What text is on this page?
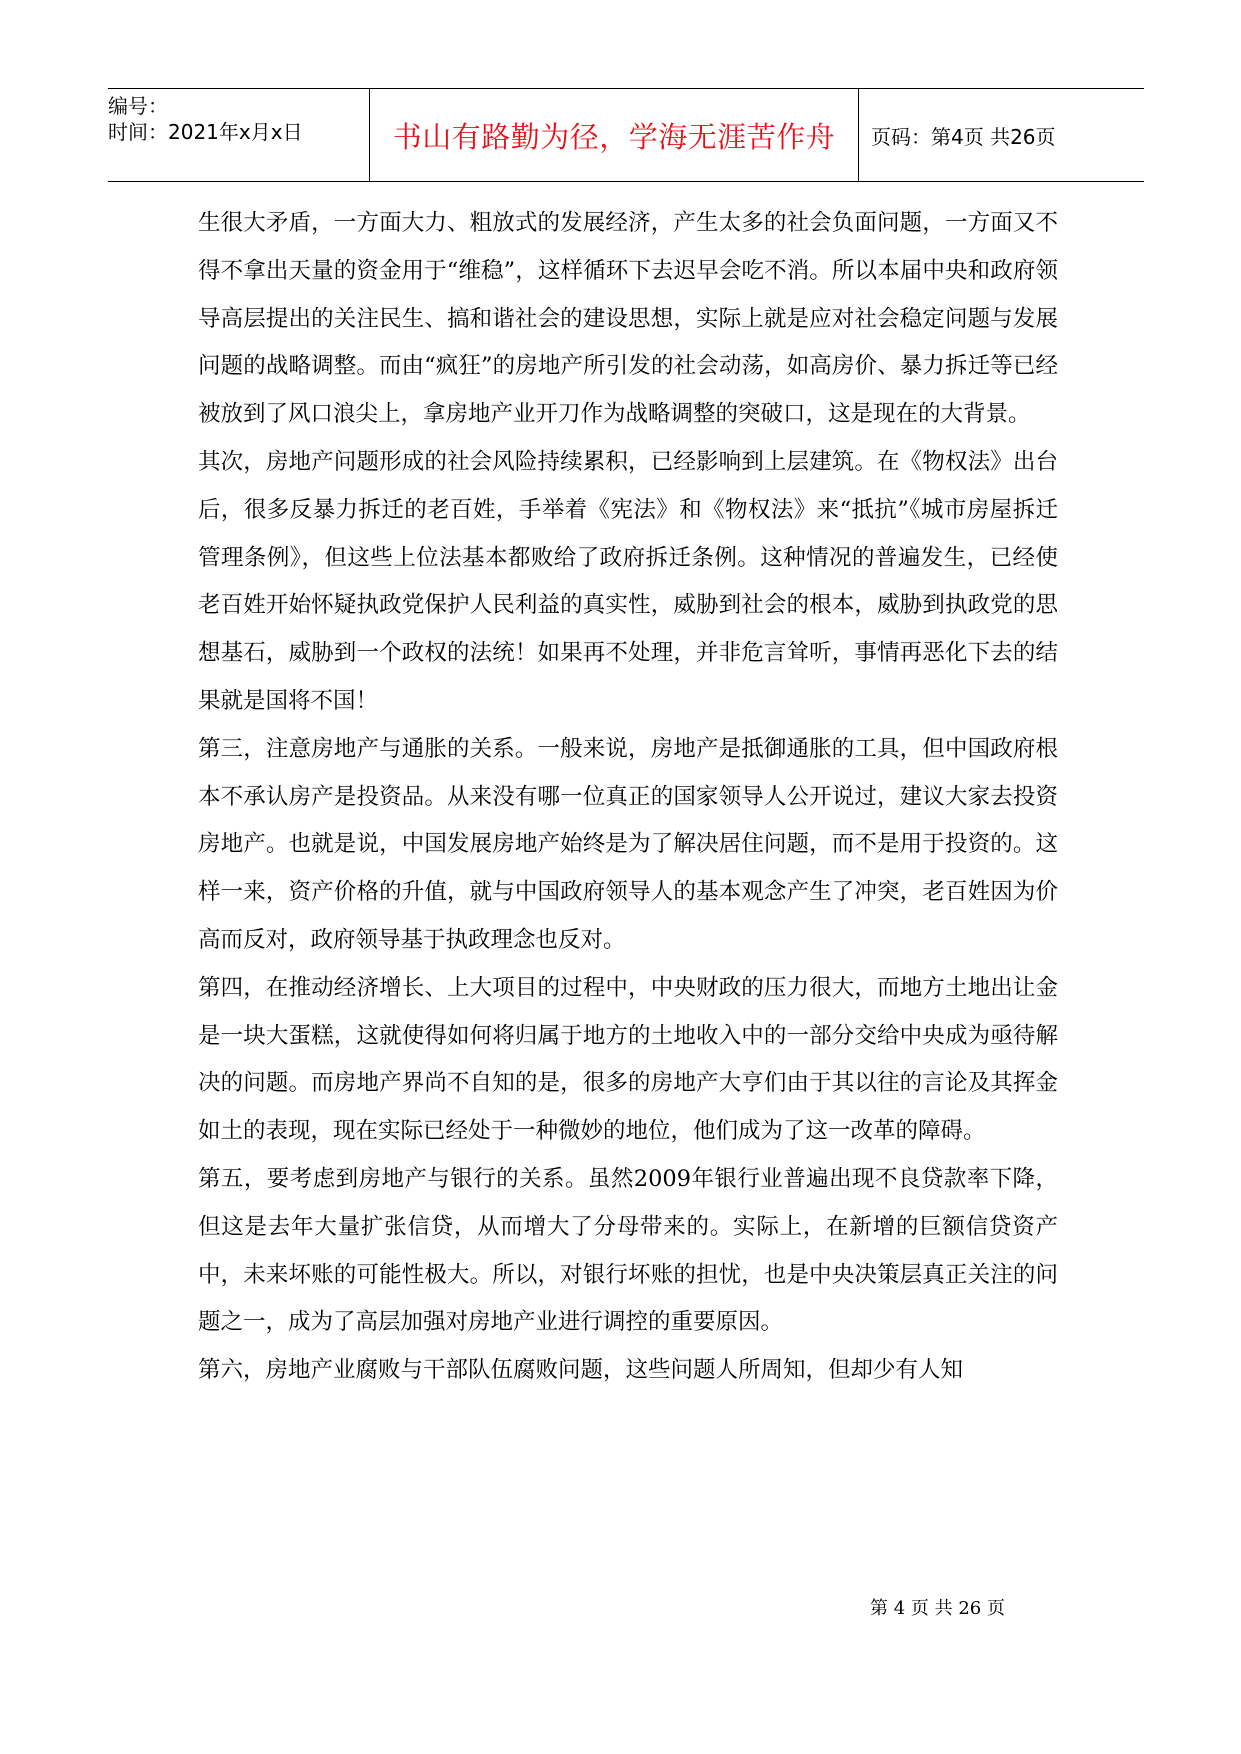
编号：
时间：2021年x月x日	书山有路勤为径，学海无涯苦作舟 页码：第4页 共26页

生很大矛盾，一方面大力、粗放式的发展经济，产生太多的社会负面问题，一方面又不得不拿出天量的资金用于“维稳”，这样循环下去迟早会吃不消。所以本届中央和政府领导高层提出的关注民生、搞和谐社会的建设思想，实际上就是应对社会稳定问题与发展问题的战略调整。而由“疯狂”的房地产所引发的社会动荡，如高房价、暴力拆迁等已经被放到了风口浪尖上，拿房地产业开刀作为战略调整的突破口，这是现在的大背景。

其次，房地产问题形成的社会风险持续累积，已经影响到上层建筑。在《物权法》出台后，很多反暴力拆迁的老百姓，手举着《宪法》和《物权法》来“抵抗”《城市房屋拆迁管理条例》，但这些上位法基本都败给了政府拆迁条例。这种情况的普遍发生，已经使老百姓开始怀疑执政党保护人民利益的真实性，威胁到社会的根本，威胁到执政党的思想基石，威胁到一个政权的法统！如果再不处理，并非危言耸听，事情再恶化下去的结果就是国将不国！

第三，注意房地产与通胀的关系。一般来说，房地产是抵御通胀的工具，但中国政府根本不承认房产是投资品。从来没有哪一位真正的国家领导人公开说过，建议大家去投资房地产。也就是说，中国发展房地产始终是为了解决居住问题，而不是用于投资的。这样一来，资产价格的升值，就与中国政府领导人的基本观念产生了冲突，老百姓因为价高而反对，政府领导基于执政理念也反对。

第四，在推动经济增长、上大项目的过程中，中央财政的压力很大，而地方土地出让金是一块大蛋糕，这就使得如何将归属于地方的土地收入中的一部分交给中央成为亟待解决的问题。而房地产界尚不自知的是，很多的房地产大亨们由于其以往的言论及其挥金如土的表现，现在实际已经处于一种微妙的地位，他们成为了这一改革的障碍。

第五，要考虑到房地产与银行的关系。虽然2009年银行业普遍出现不良贷款率下降，但这是去年大量扩张信贷，从而增大了分母带来的。实际上，在新增的巨额信贷资产中，未来坏账的可能性极大。所以，对银行坏账的担忧，也是中央决策层真正关注的问题之一，成为了高层加强对房地产业进行调控的重要原因。

第六，房地产业腐败与干部队伍腐败问题，这些问题人所周知，但却少有人知

第 4 页 共 26 页
